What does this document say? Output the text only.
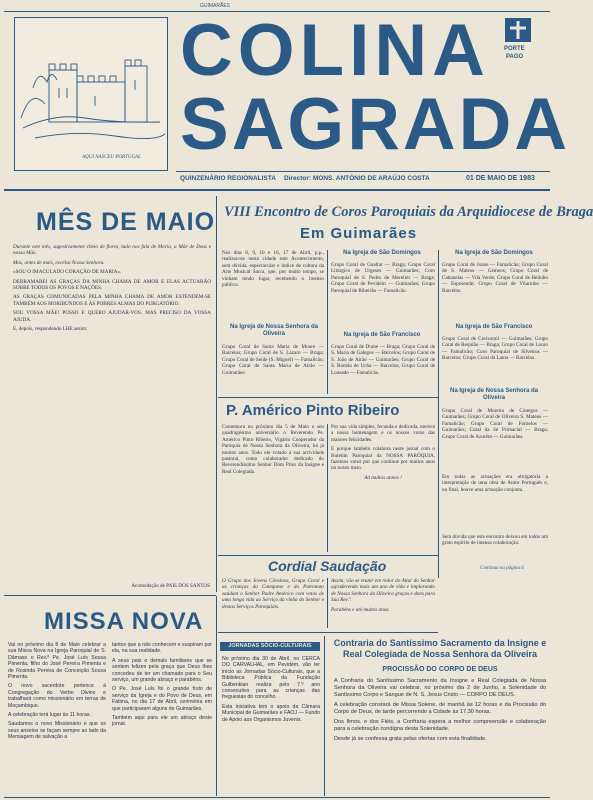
GUIMARÃES
AQUI NASCEU PORTUGAL
COLINA
SAGRADA
PORTE
PAGO
QUINZENÁRIO REGIONALISTA Director: MONS. ANTÓNIO DE ARAÚJO COSTA	01 DE MAIO DE 1983
MÊS DE MAIO

Durante este mês, sugestivamente cheio de flores, tudo nos fala de Maria, a Mãe de Deus e nossa Mãe.

Mas, antes de mais, excelsa Nossa Senhora.

«SOU O IMACULADO CORAÇÃO DE MARIA».

DERRAMAREI AS GRAÇAS DA MINHA CHAMA DE AMOR E ELAS ACTUARÃO SOBRE TODOS OS POVOS E NAÇÕES.

AS GRAÇAS COMUNICADAS PELA MINHA CHAMA DE AMOR ESTENDEM-SE TAMBÉM AOS MORIBUNDOS E ÀS POBRES ALMAS DO PURGATÓRIO.

SOU VOSSA MÃE! POSSO E QUERO AJUDAR-VOS. MAS PRECISO DA VOSSA AJUDA.

E, depois, respondendo LHE assim:

Acomodação de PAIS DOS SANTOS
MISSA NOVA

Vai no próximo dia 8 de Maio celebrar a sua Missa Nova na Igreja Paroquial de S. Dâmaso o Rev.º Pe. José Luís Sousa Pimenta, filho do José Pereira Pimenta e de Rosinda Pereira de Conceição Sousa Pimenta.

O novo sacerdote pertence à Congregação do Verbo Divino e trabalhará como missionário em terras de Moçambique.

A celebração terá lugar às 11 horas.

Saudamos o novo Missionário e que os seus anseios se façam sempre ao lado da Mensagem de salvação a

tantos que a não conhecem e suspiram por ela, na sua realidade.

A seus pais e demais familiares que se sentem felizes pela graça que Deus lhes concedeu de ter um chamado para o Seu serviço, um grande abraço e parabéns.

O Pe. José Luís foi o grande fruto de serviço da Igreja e do Povo de Deus, em Fátima, no dia 17 de Abril, cerimónia em que participaram alguns de Guimarães.

Também aqui para ele um abraço deste jornal.

VIII Encontro de Coros Paroquiais da Arquidiocese de Braga
Em Guimarães
Nos dias 8, 9, 10 e 16, 17 de Abril, p.p., realizou-se nesta cidade este Acontecimento, sem dúvida, espectacular e indice de cultura da Arte Musical Sacra, que, por muito tempo, se vinham tendo lugar, recebendo o imenso público.
Na Igreja de Nossa Senhora da Oliveira
Grupo Coral de Santa Maria de Moure — Barcelos; Grupo Coral de S. Lázaro — Braga; Grupo Coral de Seide (S. Miguel) — Famalicão; Grupo Coral de Santa Maria de Airão — Guimarães.
Na Igreja de São Domingos
Grupo Coral de Gualtar — Braga; Grupo Coral Litúrgico de Urgeses — Guimarães; Coro Paroquial de S. Pedro de Merelim — Braga; Grupo Coral de Pevidém — Guimarães; Grupo Paroquial de Ribeirão — Famalicão.
Na Igreja de São Francisco
Grupo Coral de Dume — Braga; Grupo Coral de S. Maria de Galegos — Barcelos; Grupo Coral de S. João de Airão — Guimarães; Grupo Coral de S. Romão de Ucha — Barcelos; Grupo Coral de Lousado — Famalicão.
Na Igreja de São Domingos
Grupo Coral de Joane — Famalicão; Grupo Coral de S. Mateus — Gémeos; Grupo Coral de Cabanelas — Vila Verde; Grupo Coral de Belinho — Esposende; Grupo Coral de Vilarinho — Barcelos.
Na Igreja de São Francisco
Grupo Coral de Creixomil — Guimarães; Grupo Coral de Requião — Braga; Grupo Coral de Louro — Famalicão; Coro Paroquial de Silveiros — Barcelos; Grupo Coral da Lama — Barcelos.
Na Igreja de Nossa Senhora da Oliveira
Grupo Coral de Moreira de Cónegos — Guimarães; Grupo Coral de Oliveira S. Mateus — Famalicão; Grupo Coral de Fornelos — Guimarães; Coral da Sé Primacial — Braga; Grupo Coral de Azurém — Guimarães.
Em todas as actuações era obrigatória a interpretação de uma obra de Autor Português e, no final, houve uma actuação conjunta.
Sem dúvida que este encontro deixou em todos um grato espírito de intensa colaboração.
Continua na página 6
P. Américo Pinto Ribeiro
Comemora no próximo dia 5 de Maio o seu quadragésimo aniversário o Reverendo Pe. Américo Pinto Ribeiro, Vigário Cooperador da Paróquia de Nossa Senhora da Oliveira, há já muitos anos. Todo ele votado à sua actividade pastoral, como colaborador dedicado do Reverendíssimo Senhor Dom Prior da Insigne e Real Colegiada.

Por sua vida simples, fecunda e dedicada, merece a nossa homenagem e os nossos votos das maiores felicidades.

E porque também colabora neste jornal com o Boletim Paroquial da NOSSA PARÓQUIA, fazemos votos por que continue por muitos anos no nosso meio.

Ad multos annos !

Cordial Saudação
O Grupo dos Jovens Cônsinos, Grupo Coral e as crianças da Catequese e do Patronato saúdam o Senhor Padre Américo com votos de uma longa vida ao Serviço da vinha do Senhor e destas Serviços Paroquiais.

Assim, vão se reunir em redor do Altar do Senhor agradecendo mais um ano de vida e implorando de Nossa Senhora da Oliveira graças e dons para Sua Rev.ª.

Parabéns e até muitos anos.

JORNADAS SÓCIO-CULTURAIS

No próximo dia 30 de Abril, no CERCA DO CARVALHAL, em Pevidém, vão ter início as Jornadas Sócio-Culturais, que a Biblioteca Pública da Fundação Gulbenkian realiza pelo 7.º ano consecutivo para as crianças das freguesias do concelho.

Esta iniciativa tem o apoio da Câmara Municipal de Guimarães e FAOJ — Fundo de Apoio aos Organismos Juvenis.

Contraria do Santíssimo Sacramento da Insigne e Real Colegiada de Nossa Senhora da Oliveira
PROCISSÃO DO CORPO DE DEUS

A Confraria do Santíssimo Sacramento da Insigne e Real Colegiada de Nossa Senhora da Oliveira vai celebrar, no próximo dia 2 de Junho, a Solenidade do Santíssimo Corpo e Sangue de N. S. Jesus Cristo — CORPO DE DEUS.

A celebração constará de Missa Solene, de manhã às 12 horas e da Procissão do Corpo de Deus, de tarde percorrendo a Cidade às 17,30 horas.

Dos Ilmos. e dos Fiéis, a Confraria espera a melhor compreensão e colaboração para a celebração condigna desta Solenidade.

Desde já se confessa grata pelas ofertas com esta finalidade.
